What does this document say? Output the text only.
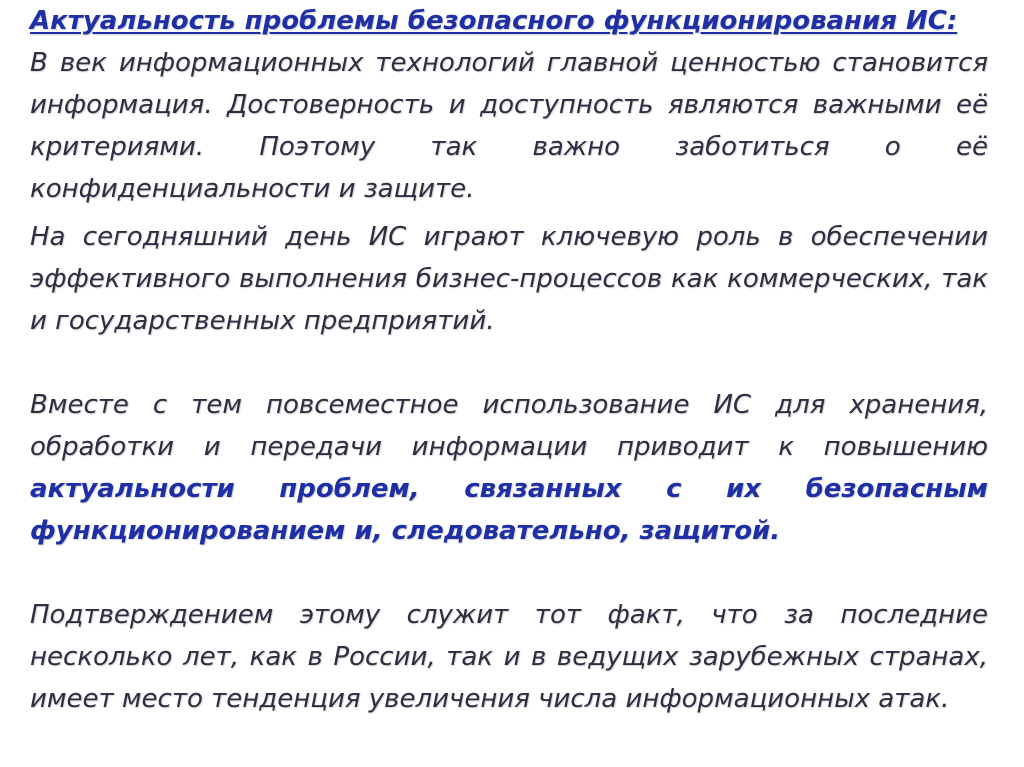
Актуальность проблемы безопасного функционирования ИС:

В век информационных технологий главной ценностью становится информация. Достоверность и доступность являются важными её критериями. Поэтому так важно заботиться о её конфиденциальности и защите.

На сегодняшний день ИС играют ключевую роль в обеспечении эффективного выполнения бизнес-процессов как коммерческих, так и государственных предприятий.

Вместе с тем повсеместное использование ИС для хранения, обработки и передачи информации приводит к повышению актуальности проблем, связанных с их безопасным функционированием и, следовательно, защитой.

Подтверждением этому служит тот факт, что за последние несколько лет, как в России, так и в ведущих зарубежных странах, имеет место тенденция увеличения числа информационных атак.
